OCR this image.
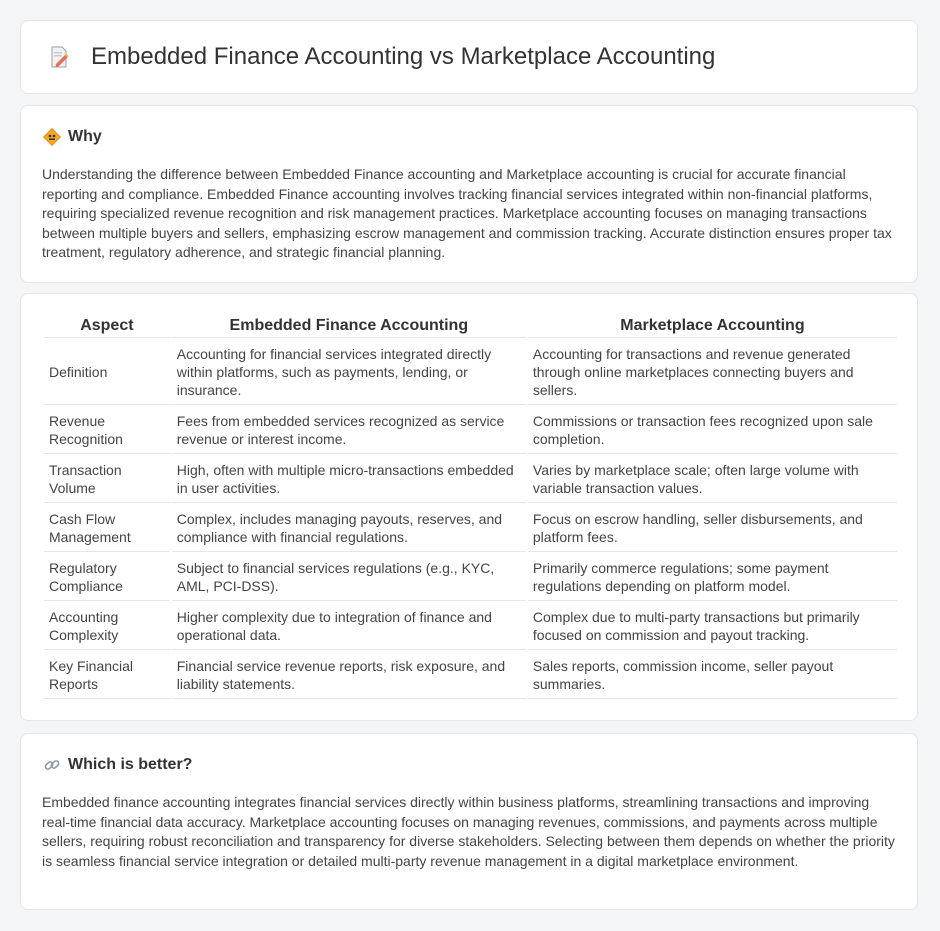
Embedded Finance Accounting vs Marketplace Accounting
Why

Understanding the difference between Embedded Finance accounting and Marketplace accounting is crucial for accurate financial reporting and compliance. Embedded Finance accounting involves tracking financial services integrated within non-financial platforms, requiring specialized revenue recognition and risk management practices. Marketplace accounting focuses on managing transactions between multiple buyers and sellers, emphasizing escrow management and commission tracking. Accurate distinction ensures proper tax treatment, regulatory adherence, and strategic financial planning.

Aspect	Embedded Finance Accounting	Marketplace Accounting
Definition	Accounting for financial services integrated directly within platforms, such as payments, lending, or insurance.	Accounting for transactions and revenue generated through online marketplaces connecting buyers and sellers.
Revenue Recognition	Fees from embedded services recognized as service revenue or interest income.	Commissions or transaction fees recognized upon sale completion.
Transaction Volume	High, often with multiple micro-transactions embedded in user activities.	Varies by marketplace scale; often large volume with variable transaction values.
Cash Flow Management	Complex, includes managing payouts, reserves, and compliance with financial regulations.	Focus on escrow handling, seller disbursements, and platform fees.
Regulatory Compliance	Subject to financial services regulations (e.g., KYC, AML, PCI-DSS).	Primarily commerce regulations; some payment regulations depending on platform model.
Accounting Complexity	Higher complexity due to integration of finance and operational data.	Complex due to multi-party transactions but primarily focused on commission and payout tracking.
Key Financial Reports	Financial service revenue reports, risk exposure, and liability statements.	Sales reports, commission income, seller payout summaries.
Which is better?

Embedded finance accounting integrates financial services directly within business platforms, streamlining transactions and improving real-time financial data accuracy. Marketplace accounting focuses on managing revenues, commissions, and payments across multiple sellers, requiring robust reconciliation and transparency for diverse stakeholders. Selecting between them depends on whether the priority is seamless financial service integration or detailed multi-party revenue management in a digital marketplace environment.
